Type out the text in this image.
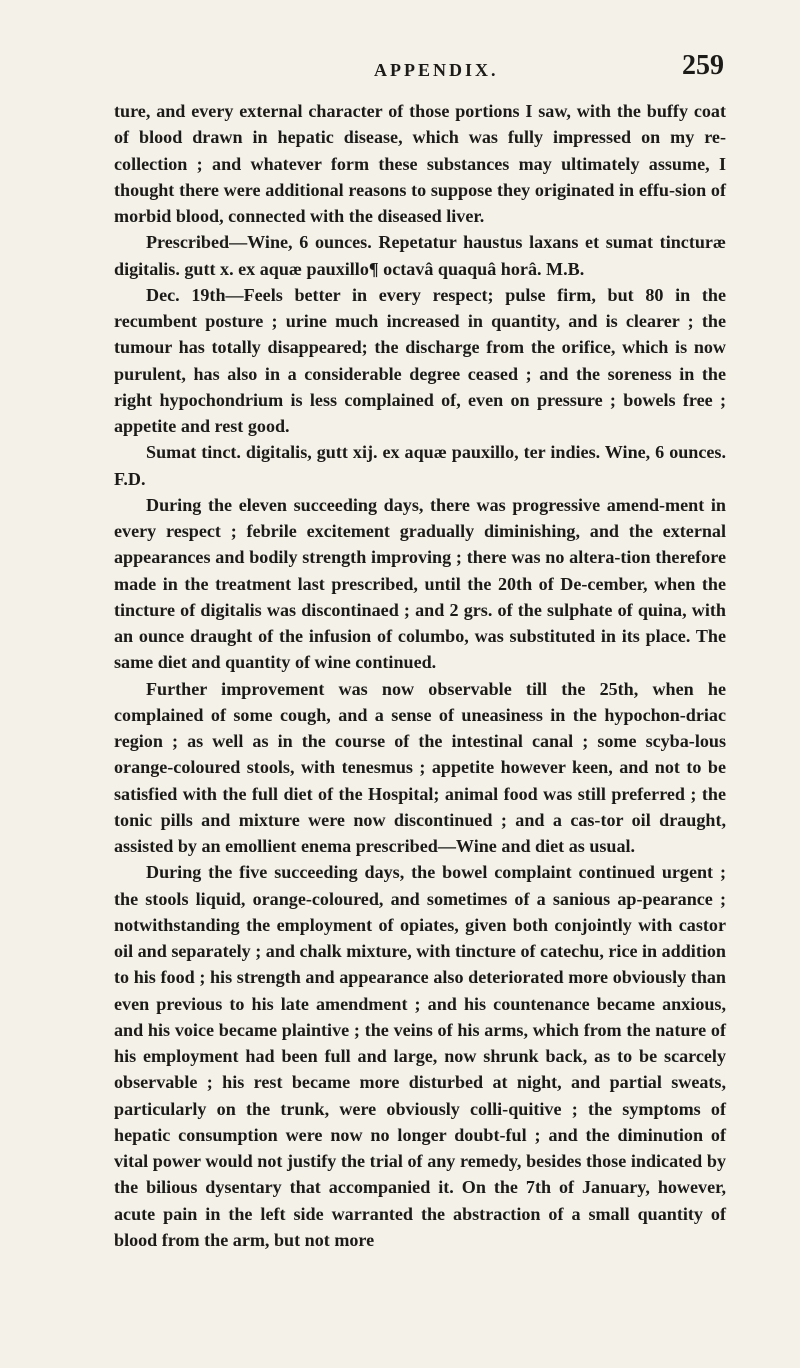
APPENDIX.	259

ture, and every external character of those portions I saw, with the buffy coat of blood drawn in hepatic disease, which was fully impressed on my re-collection ; and whatever form these substances may ultimately assume, I thought there were additional reasons to suppose they originated in effu-sion of morbid blood, connected with the diseased liver.

Prescribed—Wine, 6 ounces. Repetatur haustus laxans et sumat tincturæ digitalis. gutt x. ex aquæ pauxillo¶ octavâ quaquâ horâ. M.B.

Dec. 19th—Feels better in every respect; pulse firm, but 80 in the recumbent posture ; urine much increased in quantity, and is clearer ; the tumour has totally disappeared; the discharge from the orifice, which is now purulent, has also in a considerable degree ceased ; and the soreness in the right hypochondrium is less complained of, even on pressure ; bowels free ; appetite and rest good.

Sumat tinct. digitalis, gutt xij. ex aquæ pauxillo, ter indies. Wine, 6 ounces. F.D.

During the eleven succeeding days, there was progressive amend-ment in every respect ; febrile excitement gradually diminishing, and the external appearances and bodily strength improving ; there was no altera-tion therefore made in the treatment last prescribed, until the 20th of De-cember, when the tincture of digitalis was discontinaed ; and 2 grs. of the sulphate of quina, with an ounce draught of the infusion of columbo, was substituted in its place. The same diet and quantity of wine continued.

Further improvement was now observable till the 25th, when he complained of some cough, and a sense of uneasiness in the hypochon-driac region ; as well as in the course of the intestinal canal ; some scyba-lous orange-coloured stools, with tenesmus ; appetite however keen, and not to be satisfied with the full diet of the Hospital; animal food was still preferred ; the tonic pills and mixture were now discontinued ; and a cas-tor oil draught, assisted by an emollient enema prescribed—Wine and diet as usual.

During the five succeeding days, the bowel complaint continued urgent ; the stools liquid, orange-coloured, and sometimes of a sanious ap-pearance ; notwithstanding the employment of opiates, given both conjointly with castor oil and separately ; and chalk mixture, with tincture of catechu, rice in addition to his food ; his strength and appearance also deteriorated more obviously than even previous to his late amendment ; and his countenance became anxious, and his voice became plaintive ; the veins of his arms, which from the nature of his employment had been full and large, now shrunk back, as to be scarcely observable ; his rest became more disturbed at night, and partial sweats, particularly on the trunk, were obviously colli-quitive ; the symptoms of hepatic consumption were now no longer doubt-ful ; and the diminution of vital power would not justify the trial of any remedy, besides those indicated by the bilious dysentary that accompanied it. On the 7th of January, however, acute pain in the left side warranted the abstraction of a small quantity of blood from the arm, but not more
